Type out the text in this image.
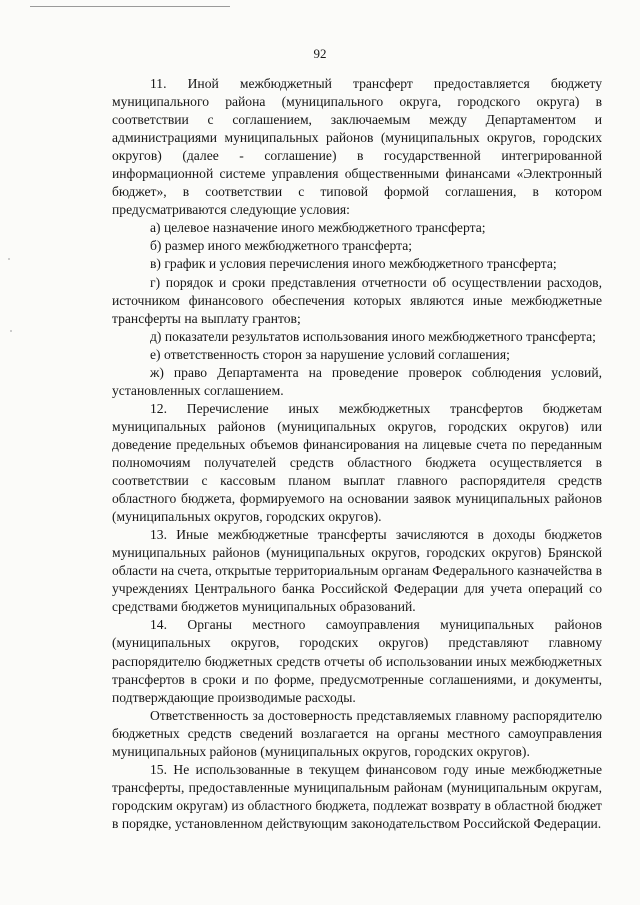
92

11. Иной межбюджетный трансферт предоставляется бюджету муниципального района (муниципального округа, городского округа) в соответствии с соглашением, заключаемым между Департаментом и администрациями муниципальных районов (муниципальных округов, городских округов) (далее - соглашение) в государственной интегрированной информационной системе управления общественными финансами «Электронный бюджет», в соответствии с типовой формой соглашения, в котором предусматриваются следующие условия:

а) целевое назначение иного межбюджетного трансферта;

б) размер иного межбюджетного трансферта;

в) график и условия перечисления иного межбюджетного трансферта;

г) порядок и сроки представления отчетности об осуществлении расходов, источником финансового обеспечения которых являются иные межбюджетные трансферты на выплату грантов;

д) показатели результатов использования иного межбюджетного трансферта;

е) ответственность сторон за нарушение условий соглашения;

ж) право Департамента на проведение проверок соблюдения условий, установленных соглашением.

12. Перечисление иных межбюджетных трансфертов бюджетам муниципальных районов (муниципальных округов, городских округов) или доведение предельных объемов финансирования на лицевые счета по переданным полномочиям получателей средств областного бюджета осуществляется в соответствии с кассовым планом выплат главного распорядителя средств областного бюджета, формируемого на основании заявок муниципальных районов (муниципальных округов, городских округов).

13. Иные межбюджетные трансферты зачисляются в доходы бюджетов муниципальных районов (муниципальных округов, городских округов) Брянской области на счета, открытые территориальным органам Федерального казначейства в учреждениях Центрального банка Российской Федерации для учета операций со средствами бюджетов муниципальных образований.

14. Органы местного самоуправления муниципальных районов (муниципальных округов, городских округов) представляют главному распорядителю бюджетных средств отчеты об использовании иных межбюджетных трансфертов в сроки и по форме, предусмотренные соглашениями, и документы, подтверждающие производимые расходы.

Ответственность за достоверность представляемых главному распорядителю бюджетных средств сведений возлагается на органы местного самоуправления муниципальных районов (муниципальных округов, городских округов).

15. Не использованные в текущем финансовом году иные межбюджетные трансферты, предоставленные муниципальным районам (муниципальным округам, городским округам) из областного бюджета, подлежат возврату в областной бюджет в порядке, установленном действующим законодательством Российской Федерации.
